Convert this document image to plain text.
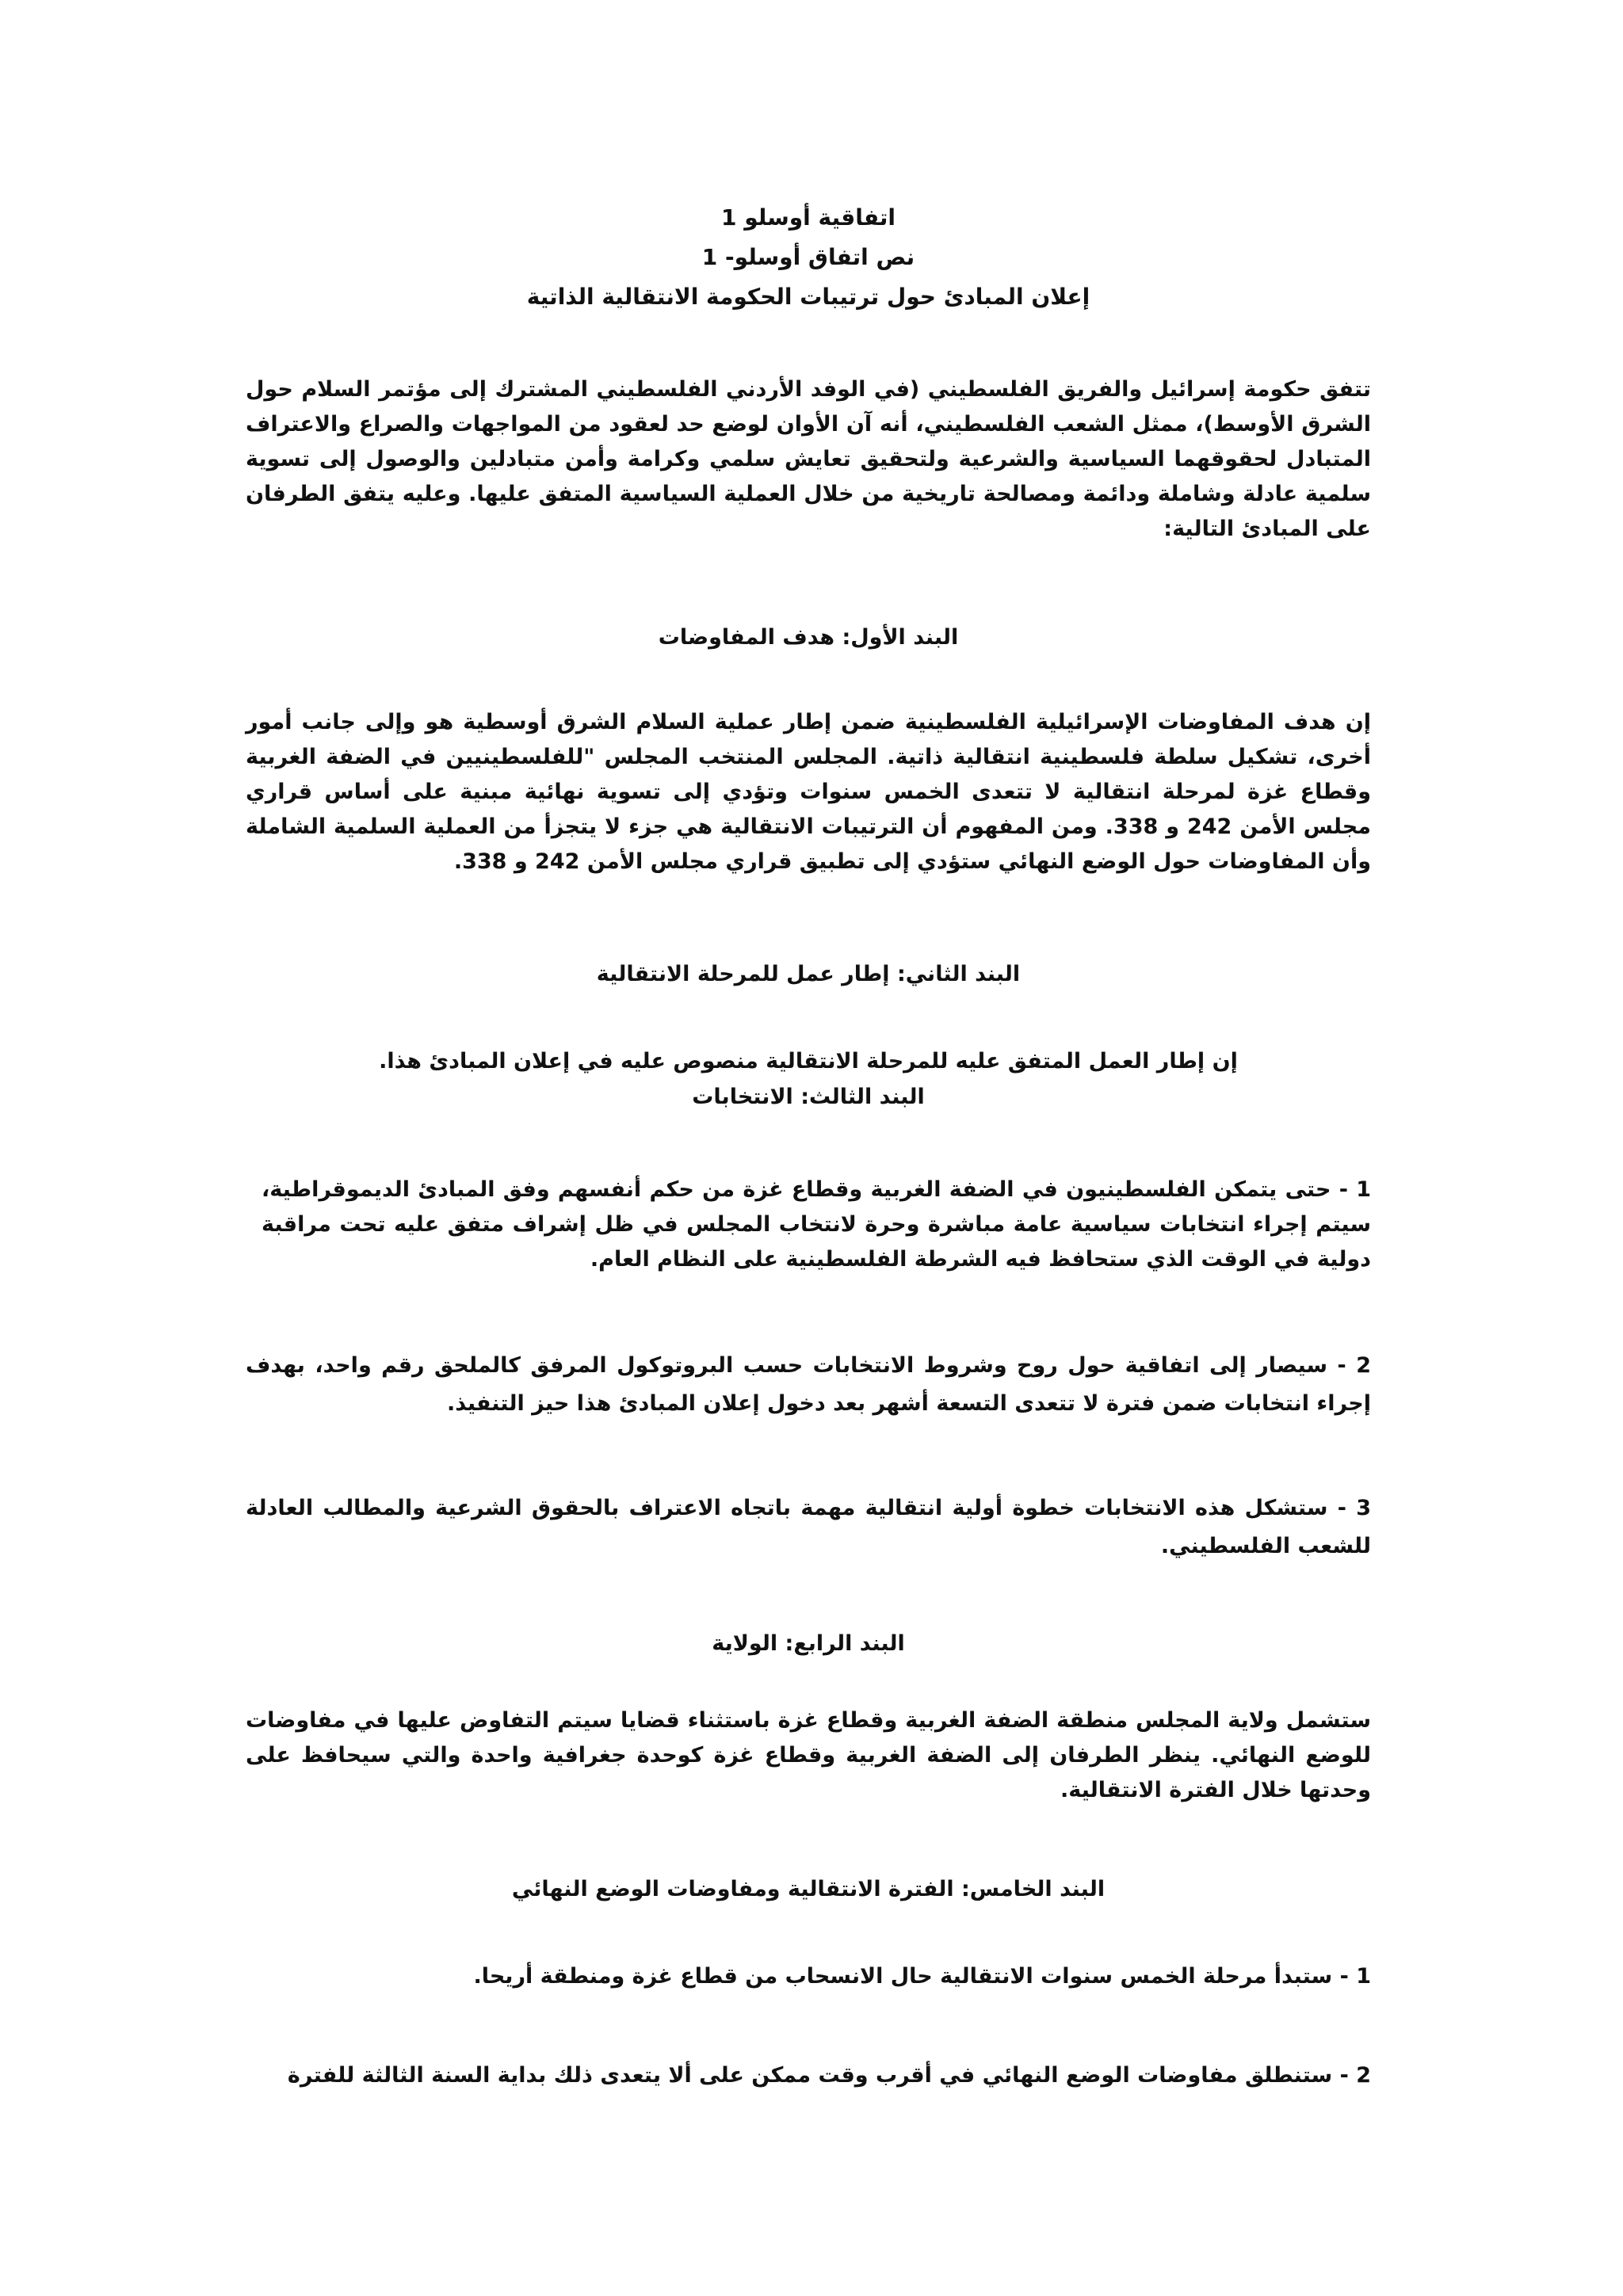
اتفاقية أوسلو 1

نص اتفاق أوسلو- 1

إعلان المبادئ حول ترتيبات الحكومة الانتقالية الذاتية

تتفق حكومة إسرائيل والفريق الفلسطيني (في الوفد الأردني الفلسطيني المشترك إلى مؤتمر السلام حول الشرق الأوسط)، ممثل الشعب الفلسطيني، أنه آن الأوان لوضع حد لعقود من المواجهات والصراع والاعتراف المتبادل لحقوقهما السياسية والشرعية ولتحقيق تعايش سلمي وكرامة وأمن متبادلين والوصول إلى تسوية سلمية عادلة وشاملة ودائمة ومصالحة تاريخية من خلال العملية السياسية المتفق عليها. وعليه يتفق الطرفان على المبادئ التالية:

البند الأول: هدف المفاوضات

إن هدف المفاوضات الإسرائيلية الفلسطينية ضمن إطار عملية السلام الشرق أوسطية هو وإلى جانب أمور أخرى، تشكيل سلطة فلسطينية انتقالية ذاتية. المجلس المنتخب المجلس "للفلسطينيين في الضفة الغربية وقطاع غزة لمرحلة انتقالية لا تتعدى الخمس سنوات وتؤدي إلى تسوية نهائية مبنية على أساس قراري مجلس الأمن 242 و 338. ومن المفهوم أن الترتيبات الانتقالية هي جزء لا يتجزأ من العملية السلمية الشاملة وأن المفاوضات حول الوضع النهائي ستؤدي إلى تطبيق قراري مجلس الأمن 242 و 338.

البند الثاني: إطار عمل للمرحلة الانتقالية

إن إطار العمل المتفق عليه للمرحلة الانتقالية منصوص عليه في إعلان المبادئ هذا.

البند الثالث: الانتخابات

1 - حتى يتمكن الفلسطينيون في الضفة الغربية وقطاع غزة من حكم أنفسهم وفق المبادئ الديموقراطية، سيتم إجراء انتخابات سياسية عامة مباشرة وحرة لانتخاب المجلس في ظل إشراف متفق عليه تحت مراقبة دولية في الوقت الذي ستحافظ فيه الشرطة الفلسطينية على النظام العام.

2 - سيصار إلى اتفاقية حول روح وشروط الانتخابات حسب البروتوكول المرفق كالملحق رقم واحد، بهدف إجراء انتخابات ضمن فترة لا تتعدى التسعة أشهر بعد دخول إعلان المبادئ هذا حيز التنفيذ.

3 - ستشكل هذه الانتخابات خطوة أولية انتقالية مهمة باتجاه الاعتراف بالحقوق الشرعية والمطالب العادلة للشعب الفلسطيني.

البند الرابع: الولاية

ستشمل ولاية المجلس منطقة الضفة الغربية وقطاع غزة باستثناء قضايا سيتم التفاوض عليها في مفاوضات للوضع النهائي. ينظر الطرفان إلى الضفة الغربية وقطاع غزة كوحدة جغرافية واحدة والتي سيحافظ على وحدتها خلال الفترة الانتقالية.

البند الخامس: الفترة الانتقالية ومفاوضات الوضع النهائي

1 - ستبدأ مرحلة الخمس سنوات الانتقالية حال الانسحاب من قطاع غزة ومنطقة أريحا.

2 - ستنطلق مفاوضات الوضع النهائي في أقرب وقت ممكن على ألا يتعدى ذلك بداية السنة الثالثة للفترة
